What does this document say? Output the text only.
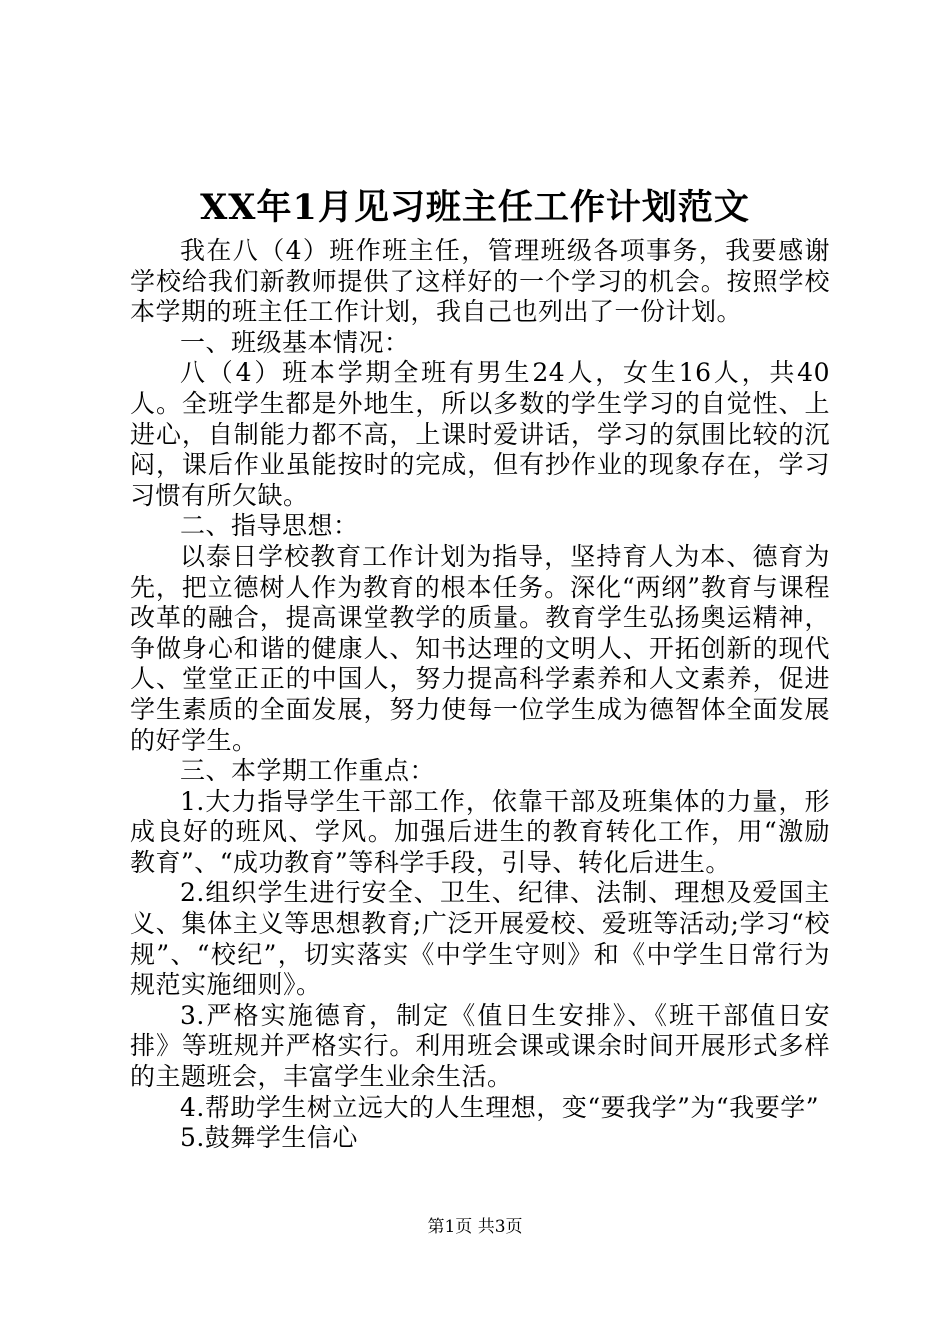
XX年1月见习班主任工作计划范文

我在八（4）班作班主任，管理班级各项事务，我要感谢学校给我们新教师提供了这样好的一个学习的机会。按照学校本学期的班主任工作计划，我自己也列出了一份计划。

一、班级基本情况：

八（4）班本学期全班有男生24人，女生16人，共40人。全班学生都是外地生，所以多数的学生学习的自觉性、上进心，自制能力都不高，上课时爱讲话，学习的氛围比较的沉闷，课后作业虽能按时的完成，但有抄作业的现象存在，学习习惯有所欠缺。

二、指导思想：

以泰日学校教育工作计划为指导，坚持育人为本、德育为先，把立德树人作为教育的根本任务。深化“两纲”教育与课程改革的融合，提高课堂教学的质量。教育学生弘扬奥运精神，争做身心和谐的健康人、知书达理的文明人、开拓创新的现代人、堂堂正正的中国人，努力提高科学素养和人文素养，促进学生素质的全面发展，努力使每一位学生成为德智体全面发展的好学生。

三、本学期工作重点：

1.大力指导学生干部工作，依靠干部及班集体的力量，形成良好的班风、学风。加强后进生的教育转化工作，用“激励教育”、“成功教育”等科学手段，引导、转化后进生。

2.组织学生进行安全、卫生、纪律、法制、理想及爱国主义、集体主义等思想教育;广泛开展爱校、爱班等活动;学习“校规”、“校纪”，切实落实《中学生守则》和《中学生日常行为规范实施细则》。

3.严格实施德育，制定《值日生安排》、《班干部值日安排》等班规并严格实行。利用班会课或课余时间开展形式多样的主题班会，丰富学生业余生活。

4.帮助学生树立远大的人生理想，变“要我学”为“我要学”

5.鼓舞学生信心

第1页 共3页
